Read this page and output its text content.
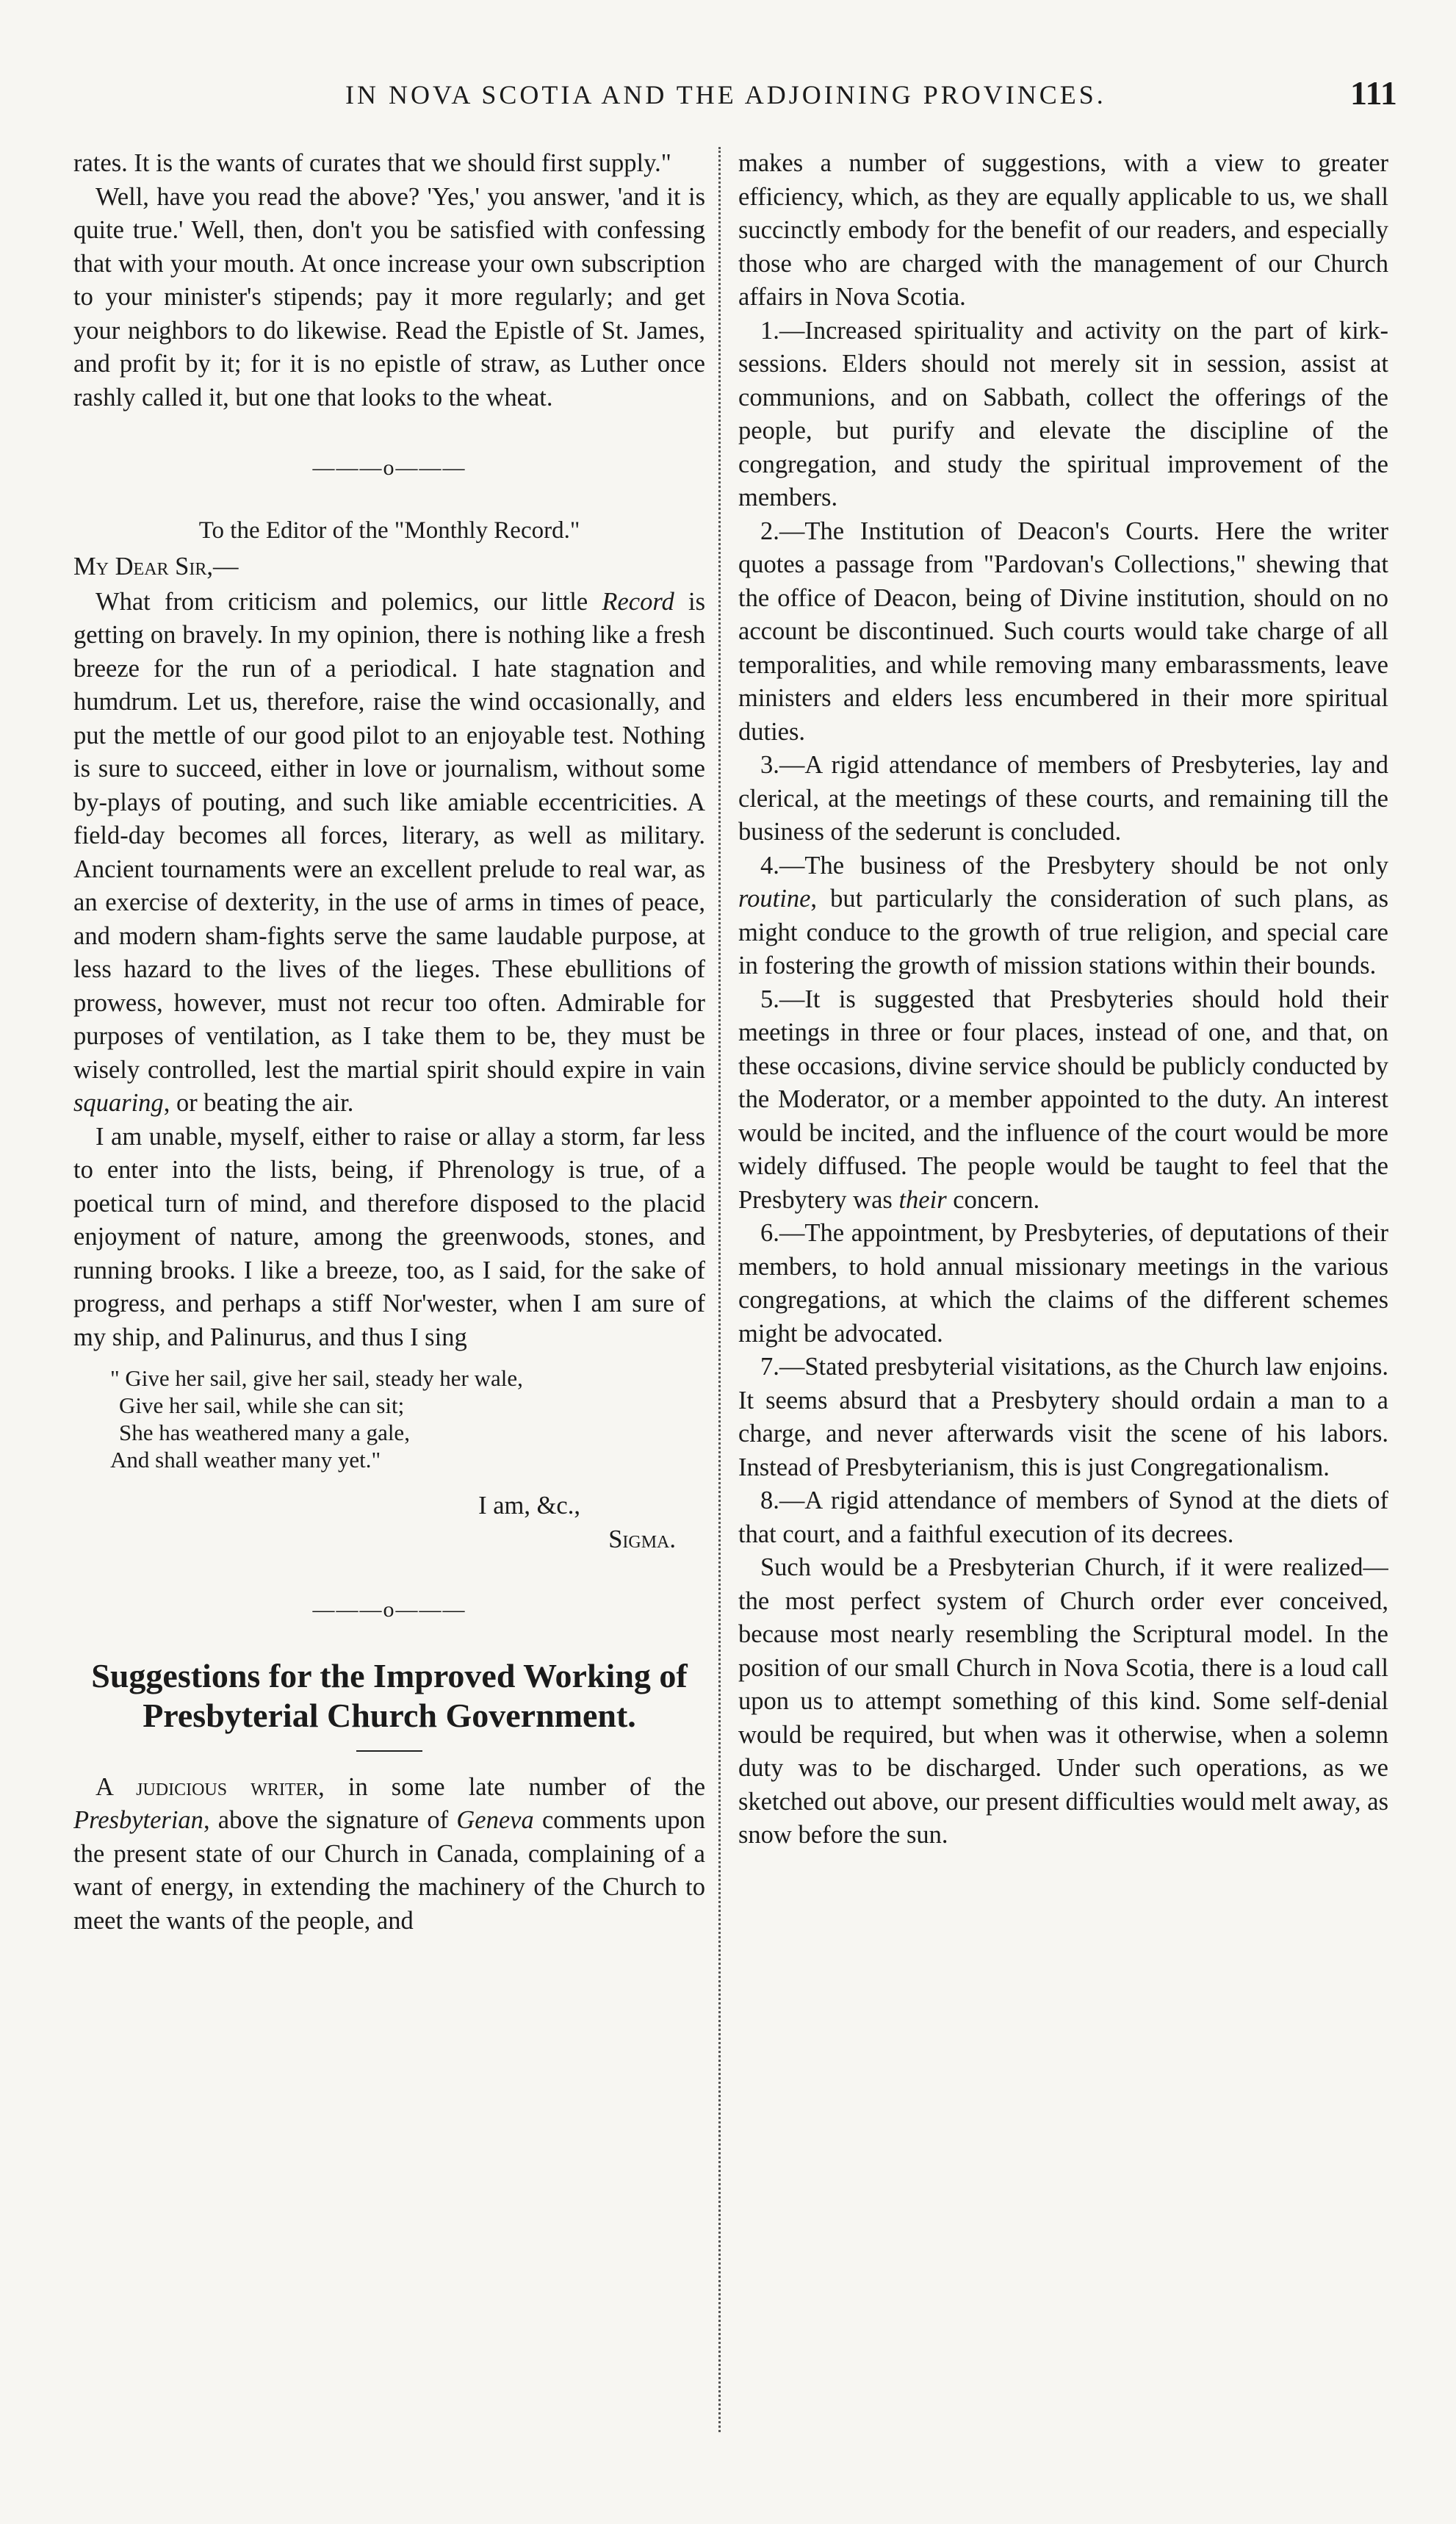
IN NOVA SCOTIA AND THE ADJOINING PROVINCES.	111

rates. It is the wants of curates that we should first supply."

Well, have you read the above? 'Yes,' you answer, 'and it is quite true.' Well, then, don't you be satisfied with confessing that with your mouth. At once increase your own subscription to your minister's stipends; pay it more regularly; and get your neighbors to do likewise. Read the Epistle of St. James, and profit by it; for it is no epistle of straw, as Luther once rashly called it, but one that looks to the wheat.

———o———
To the Editor of the "Monthly Record."
My Dear Sir,—

What from criticism and polemics, our little Record is getting on bravely. In my opinion, there is nothing like a fresh breeze for the run of a periodical. I hate stagnation and humdrum. Let us, therefore, raise the wind occasionally, and put the mettle of our good pilot to an enjoyable test. Nothing is sure to succeed, either in love or journalism, without some by-plays of pouting, and such like amiable eccentricities. A field-day becomes all forces, literary, as well as military. Ancient tournaments were an excellent prelude to real war, as an exercise of dexterity, in the use of arms in times of peace, and modern sham-fights serve the same laudable purpose, at less hazard to the lives of the lieges. These ebullitions of prowess, however, must not recur too often. Admirable for purposes of ventilation, as I take them to be, they must be wisely controlled, lest the martial spirit should expire in vain squaring, or beating the air.

I am unable, myself, either to raise or allay a storm, far less to enter into the lists, being, if Phrenology is true, of a poetical turn of mind, and therefore disposed to the placid enjoyment of nature, among the greenwoods, stones, and running brooks. I like a breeze, too, as I said, for the sake of progress, and perhaps a stiff Nor'wester, when I am sure of my ship, and Palinurus, and thus I sing

" Give her sail, give her sail, steady her wale,
Give her sail, while she can sit;
She has weathered many a gale,
And shall weather many yet."
I am, &c.,
Sigma.
———o———
Suggestions for the Improved Working of Presbyterial Church Government.

A judicious writer, in some late number of the Presbyterian, above the signature of Geneva comments upon the present state of our Church in Canada, complaining of a want of energy, in extending the machinery of the Church to meet the wants of the people, and

makes a number of suggestions, with a view to greater efficiency, which, as they are equally applicable to us, we shall succinctly embody for the benefit of our readers, and especially those who are charged with the management of our Church affairs in Nova Scotia.

1.—Increased spirituality and activity on the part of kirk-sessions. Elders should not merely sit in session, assist at communions, and on Sabbath, collect the offerings of the people, but purify and elevate the discipline of the congregation, and study the spiritual improvement of the members.

2.—The Institution of Deacon's Courts. Here the writer quotes a passage from "Pardovan's Collections," shewing that the office of Deacon, being of Divine institution, should on no account be discontinued. Such courts would take charge of all temporalities, and while removing many embarassments, leave ministers and elders less encumbered in their more spiritual duties.

3.—A rigid attendance of members of Presbyteries, lay and clerical, at the meetings of these courts, and remaining till the business of the sederunt is concluded.

4.—The business of the Presbytery should be not only routine, but particularly the consideration of such plans, as might conduce to the growth of true religion, and special care in fostering the growth of mission stations within their bounds.

5.—It is suggested that Presbyteries should hold their meetings in three or four places, instead of one, and that, on these occasions, divine service should be publicly conducted by the Moderator, or a member appointed to the duty. An interest would be incited, and the influence of the court would be more widely diffused. The people would be taught to feel that the Presbytery was their concern.

6.—The appointment, by Presbyteries, of deputations of their members, to hold annual missionary meetings in the various congregations, at which the claims of the different schemes might be advocated.

7.—Stated presbyterial visitations, as the Church law enjoins. It seems absurd that a Presbytery should ordain a man to a charge, and never afterwards visit the scene of his labors. Instead of Presbyterianism, this is just Congregationalism.

8.—A rigid attendance of members of Synod at the diets of that court, and a faithful execution of its decrees.

Such would be a Presbyterian Church, if it were realized—the most perfect system of Church order ever conceived, because most nearly resembling the Scriptural model. In the position of our small Church in Nova Scotia, there is a loud call upon us to attempt something of this kind. Some self-denial would be required, but when was it otherwise, when a solemn duty was to be discharged. Under such operations, as we sketched out above, our present difficulties would melt away, as snow before the sun.
